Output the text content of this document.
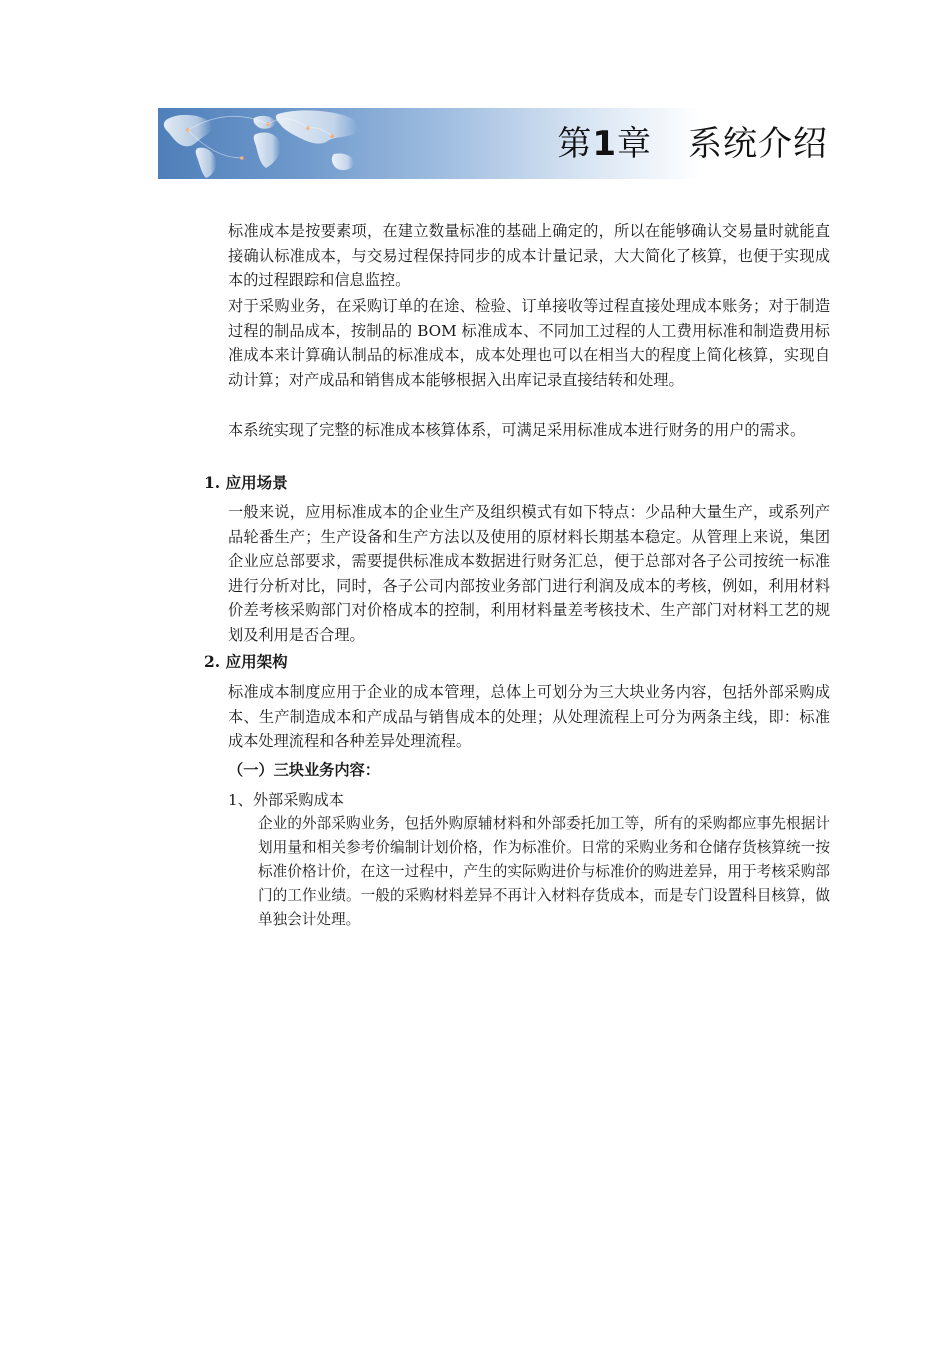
第1章 系统介绍

标准成本是按要素项，在建立数量标准的基础上确定的，所以在能够确认交易量时就能直接确认标准成本，与交易过程保持同步的成本计量记录，大大简化了核算，也便于实现成本的过程跟踪和信息监控。

对于采购业务，在采购订单的在途、检验、订单接收等过程直接处理成本账务；对于制造过程的制品成本，按制品的 BOM 标准成本、不同加工过程的人工费用标准和制造费用标准成本来计算确认制品的标准成本，成本处理也可以在相当大的程度上简化核算，实现自动计算；对产成品和销售成本能够根据入出库记录直接结转和处理。

本系统实现了完整的标准成本核算体系，可满足采用标准成本进行财务的用户的需求。

1. 应用场景

一般来说，应用标准成本的企业生产及组织模式有如下特点：少品种大量生产，或系列产品轮番生产；生产设备和生产方法以及使用的原材料长期基本稳定。从管理上来说，集团企业应总部要求，需要提供标准成本数据进行财务汇总，便于总部对各子公司按统一标准进行分析对比，同时，各子公司内部按业务部门进行利润及成本的考核，例如，利用材料价差考核采购部门对价格成本的控制，利用材料量差考核技术、生产部门对材料工艺的规划及利用是否合理。

2. 应用架构

标准成本制度应用于企业的成本管理，总体上可划分为三大块业务内容，包括外部采购成本、生产制造成本和产成品与销售成本的处理；从处理流程上可分为两条主线，即：标准成本处理流程和各种差异处理流程。

（一）三块业务内容：
1、外部采购成本

企业的外部采购业务，包括外购原辅材料和外部委托加工等，所有的采购都应事先根据计划用量和相关参考价编制计划价格，作为标准价。日常的采购业务和仓储存货核算统一按标准价格计价，在这一过程中，产生的实际购进价与标准价的购进差异，用于考核采购部门的工作业绩。一般的采购材料差异不再计入材料存货成本，而是专门设置科目核算，做单独会计处理。
